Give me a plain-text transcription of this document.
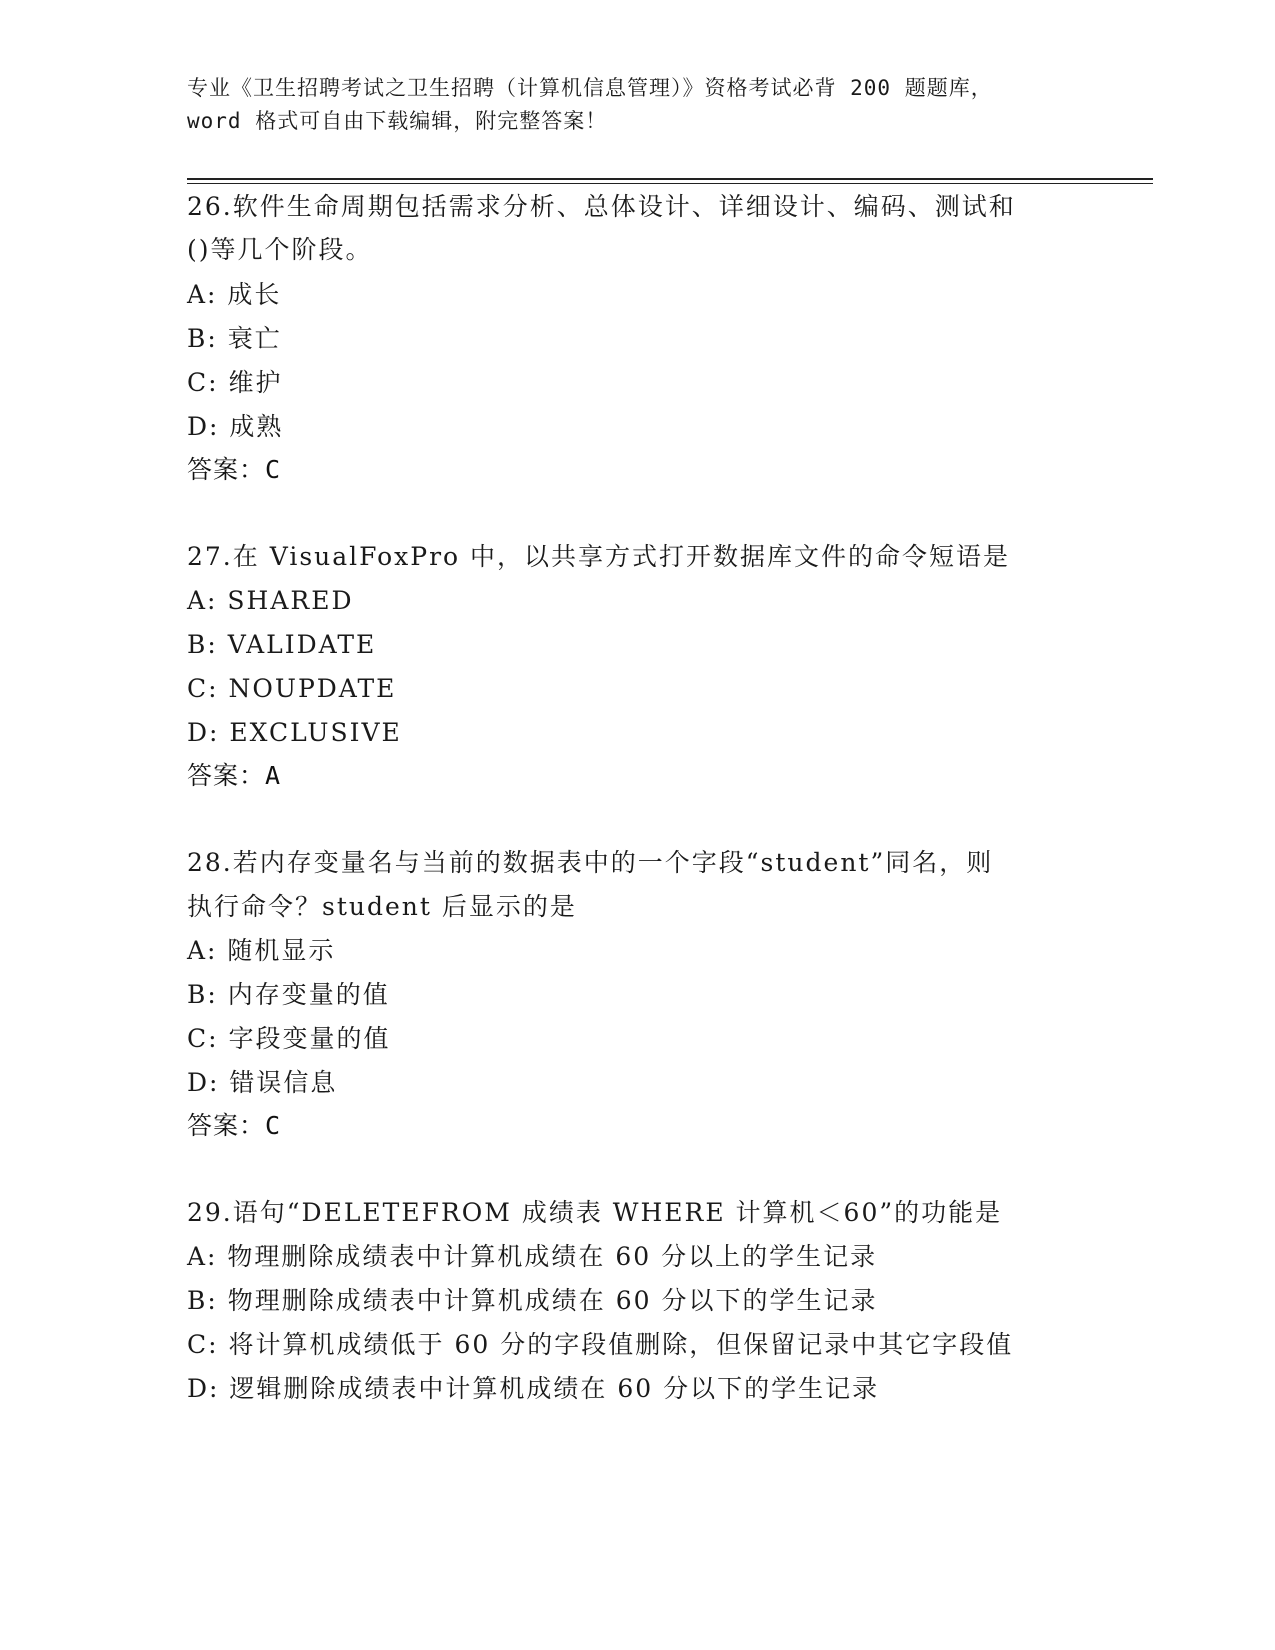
专业《卫生招聘考试之卫生招聘（计算机信息管理）》资格考试必背 200 题题库，
word 格式可自由下载编辑，附完整答案！
26.软件生命周期包括需求分析、总体设计、详细设计、编码、测试和
()等几个阶段。
A: 成长
B: 衰亡
C: 维护
D: 成熟
答案：C
27.在 VisualFoxPro 中，以共享方式打开数据库文件的命令短语是
A: SHARED
B: VALIDATE
C: NOUPDATE
D: EXCLUSIVE
答案：A
28.若内存变量名与当前的数据表中的一个字段“student”同名，则
执行命令？student 后显示的是
A: 随机显示
B: 内存变量的值
C: 字段变量的值
D: 错误信息
答案：C
29.语句“DELETEFROM 成绩表 WHERE 计算机＜60”的功能是
A: 物理删除成绩表中计算机成绩在 60 分以上的学生记录
B: 物理删除成绩表中计算机成绩在 60 分以下的学生记录
C: 将计算机成绩低于 60 分的字段值删除，但保留记录中其它字段值
D: 逻辑删除成绩表中计算机成绩在 60 分以下的学生记录
